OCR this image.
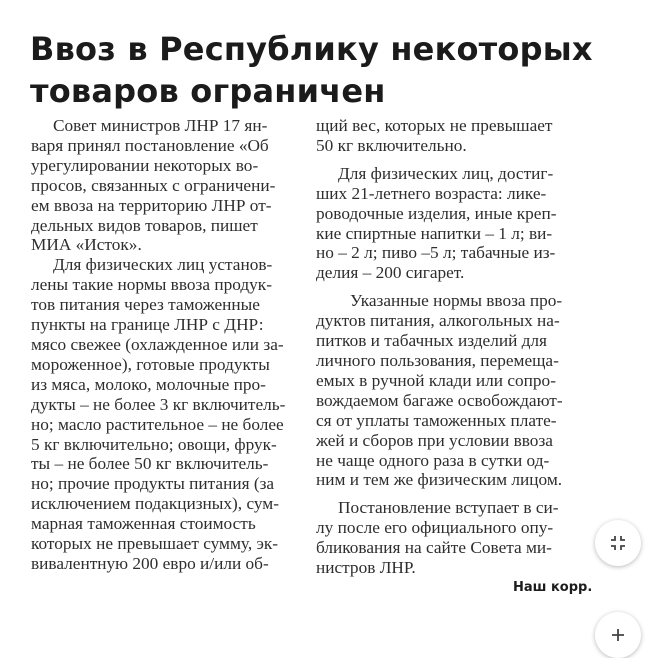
Ввоз в Республику некоторых
товаров ограничен

Совет министров ЛНР 17 ян-
варя принял постановление «Об
урегулировании некоторых во-
просов, связанных с ограничени-
ем ввоза на территорию ЛНР от-
дельных видов товаров, пишет
МИА «Исток».

Для физических лиц установ-
лены такие нормы ввоза продук-
тов питания через таможенные
пункты на границе ЛНР с ДНР:
мясо свежее (охлажденное или за-
мороженное), готовые продукты
из мяса, молоко, молочные про-
дукты – не более 3 кг включитель-
но; масло растительное – не более
5 кг включительно; овощи, фрук-
ты – не более 50 кг включитель-
но; прочие продукты питания (за
исключением подакцизных), сум-
марная таможенная стоимость
которых не превышает сумму, эк-
вивалентную 200 евро и/или об-

щий вес, которых не превышает
50 кг включительно.

Для физических лиц, достиг-
ших 21-летнего возраста: лике-
роводочные изделия, иные креп-
кие спиртные напитки – 1 л; ви-
но – 2 л; пиво –5 л; табачные из-
делия – 200 сигарет.

Указанные нормы ввоза про-
дуктов питания, алкогольных на-
питков и табачных изделий для
личного пользования, перемеща-
емых в ручной клади или сопро-
вождаемом багаже освобождают-
ся от уплаты таможенных плате-
жей и сборов при условии ввоза
не чаще одного раза в сутки од-
ним и тем же физическим лицом.

Постановление вступает в си-
лу после его официального опу-
бликования на сайте Совета ми-
нистров ЛНР.

Наш корр.
